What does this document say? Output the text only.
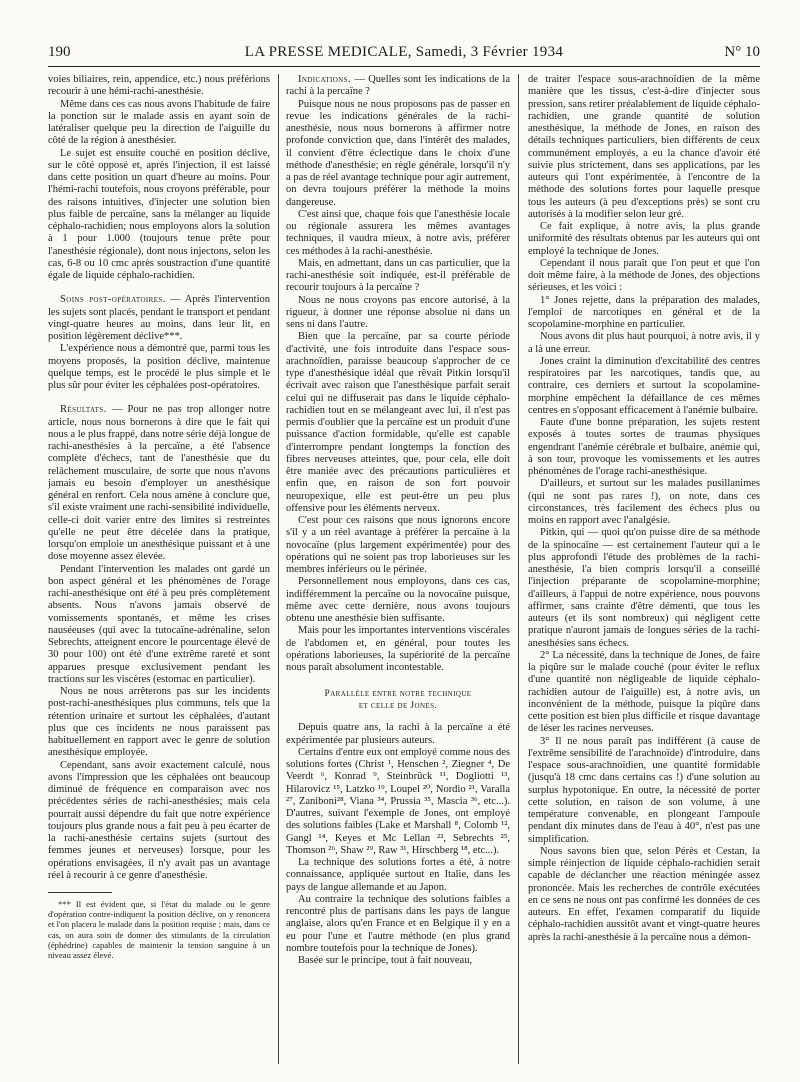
190	LA PRESSE MEDICALE, Samedi, 3 Février 1934	N° 10

voies biliaires, rein, appendice, etc.) nous préférions recourir à une hémi-rachi-anesthésie.

Même dans ces cas nous avons l'habitude de faire la ponction sur le malade assis en ayant soin de latéraliser quelque peu la direction de l'aiguille du côté de la région à anesthésier.

Le sujet est ensuite couché en position déclive, sur le côté opposé et, après l'injection, il est laissé dans cette position un quart d'heure au moins. Pour l'hémi-rachi toutefois, nous croyons préférable, pour des raisons intuitives, d'injecter une solution bien plus faible de percaïne, sans la mélanger au liquide céphalo-rachidien; nous employons alors la solution à 1 pour 1.000 (toujours tenue prête pour l'anesthésie régionale), dont nous injectons, selon les cas, 6-8 ou 10 cmc après soustraction d'une quantité égale de liquide céphalo-rachidien.

Soins post-opératoires. — Après l'intervention les sujets sont placés, pendant le transport et pendant vingt-quatre heures au moins, dans leur lit, en position légèrement déclive***.

L'expérience nous a démontré que, parmi tous les moyens proposés, la position déclive, maintenue quelque temps, est le procédé le plus simple et le plus sûr pour éviter les céphalées post-opératoires.

Résultats. — Pour ne pas trop allonger notre article, nous nous bornerons à dire que le fait qui nous a le plus frappé, dans notre série déjà longue de rachi-anesthésies à la percaïne, a été l'absence complète d'échecs, tant de l'anesthésie que du relâchement musculaire, de sorte que nous n'avons jamais eu besoin d'employer un anesthésique général en renfort. Cela nous amène à conclure que, s'il existe vraiment une rachi-sensibilité individuelle, celle-ci doit varier entre des limites si restreintes qu'elle ne peut être décelée dans la pratique, lorsqu'on emploie un anesthésique puissant et à une dose moyenne assez élevée.

Pendant l'intervention les malades ont gardé un bon aspect général et les phénomènes de l'orage rachi-anesthésique ont été à peu près complètement absents. Nous n'avons jamais observé de vomissements spontanés, et même les crises nauséeuses (qui avec la tutocaïne-adrénaline, selon Sebrechts, atteignent encore le pourcentage élevé de 30 pour 100) ont été d'une extrême rareté et sont apparues presque exclusivement pendant les tractions sur les viscères (estomac en particulier).

Nous ne nous arrêterons pas sur les incidents post-rachi-anesthésiques plus communs, tels que la rétention urinaire et surtout les céphalées, d'autant plus que ces incidents ne nous paraissent pas habituellement en rapport avec le genre de solution anesthésique employée.

Cependant, sans avoir exactement calculé, nous avons l'impression que les céphalées ont beaucoup diminué de fréquence en comparaison avec nos précédentes séries de rachi-anesthésies; mais cela pourrait aussi dépendre du fait que notre expérience toujours plus grande nous a fait peu à peu écarter de la rachi-anesthésie certains sujets (surtout des femmes jeunes et nerveuses) lorsque, pour les opérations envisagées, il n'y avait pas un avantage réel à recourir à ce genre d'anesthésie.

*** Il est évident que, si l'état du malade ou le genre d'opération contre-indiquent la position déclive, on y renoncera et l'on placera le malade dans la position requise ; mais, dans ce cas, on aura soin de donner des stimulants de la circulation (éphédrine) capables de maintenir la tension sanguine à un niveau assez élevé.

Indications. — Quelles sont les indications de la rachi à la percaïne ?

Puisque nous ne nous proposons pas de passer en revue les indications générales de la rachi-anesthésie, nous nous bornerons à affirmer notre profonde conviction que, dans l'intérêt des malades, il convient d'être éclectique dans le choix d'une méthode d'anesthésie; en règle générale, lorsqu'il n'y a pas de réel avantage technique pour agir autrement, on devra toujours préférer la méthode la moins dangereuse.

C'est ainsi que, chaque fois que l'anesthésie locale ou régionale assurera les mêmes avantages techniques, il vaudra mieux, à notre avis, préférer ces méthodes à la rachi-anesthésie.

Mais, en admettant, dans un cas particulier, que la rachi-anesthésie soit indiquée, est-il préférable de recourir toujours à la percaïne ?

Nous ne nous croyons pas encore autorisé, à la rigueur, à donner une réponse absolue ni dans un sens ni dans l'autre.

Bien que la percaïne, par sa courte période d'activité, une fois introduite dans l'espace sous-arachnoïdien, paraisse beaucoup s'approcher de ce type d'anesthésique idéal que rêvait Pitkin lorsqu'il écrivait avec raison que l'anesthésique parfait serait celui qui ne diffuserait pas dans le liquide céphalo-rachidien tout en se mélangeant avec lui, il n'est pas permis d'oublier que la percaïne est un produit d'une puissance d'action formidable, qu'elle est capable d'interrompre pendant longtemps la fonction des fibres nerveuses atteintes, que, pour cela, elle doit être maniée avec des précautions particulières et enfin que, en raison de son fort pouvoir neuropexique, elle est peut-être un peu plus offensive pour les éléments nerveux.

C'est pour ces raisons que nous ignorons encore s'il y a un réel avantage à préférer la percaïne à la novocaïne (plus largement expérimentée) pour des opérations qui ne soient pas trop laborieuses sur les membres inférieurs ou le périnée.

Personnellement nous employons, dans ces cas, indifféremment la percaïne ou la novocaïne puisque, même avec cette dernière, nous avons toujours obtenu une anesthésie bien suffisante.

Mais pour les importantes interventions viscérales de l'abdomen et, en général, pour toutes les opérations laborieuses, la supériorité de la percaïne nous paraît absolument incontestable.

Parallèle entre notre technique
et celle de Jones.

Depuis quatre ans, la rachi à la percaïne a été expérimentée par plusieurs auteurs.

Certains d'entre eux ont employé comme nous des solutions fortes (Christ ¹, Henschen ², Ziegner ⁴, De Veerdt ⁶, Konrad ⁹, Steinbrück ¹¹, Dogliotti ¹³, Hilarovicz ¹⁵, Latzko ¹⁹, Loupel ²⁰, Nordio ²¹, Varalla ²⁷, Zaniboni²⁸, Viana ³⁴, Prussia ³⁵, Mascia ³⁶, etc...). D'autres, suivant l'exemple de Jones, ont employé des solutions faibles (Lake et Marshall ⁸, Colomb ¹², Gangl ¹⁴, Keyes et Mc Lellan ²², Sebrechts ²⁵, Thomson ²⁶, Shaw ²⁹, Raw ³¹, Hirschberg ¹⁸, etc...).

La technique des solutions fortes a été, à notre connaissance, appliquée surtout en Italie, dans les pays de langue allemande et au Japon.

Au contraire la technique des solutions faibles a rencontré plus de partisans dans les pays de langue anglaise, alors qu'en France et en Belgique il y en a eu pour l'une et l'autre méthode (en plus grand nombre toutefois pour la technique de Jones).

Basée sur le principe, tout à fait nouveau,

de traiter l'espace sous-arachnoïdien de la même manière que les tissus, c'est-à-dire d'injecter sous pression, sans retirer préalablement de liquide céphalo-rachidien, une grande quantité de solution anesthésique, la méthode de Jones, en raison des détails techniques particuliers, bien différents de ceux communément employés, a eu la chance d'avoir été suivie plus strictement, dans ses applications, par les auteurs qui l'ont expérimentée, à l'encontre de la méthode des solutions fortes pour laquelle presque tous les auteurs (à peu d'exceptions près) se sont cru autorisés à la modifier selon leur gré.

Ce fait explique, à notre avis, la plus grande uniformité des résultats obtenus par les auteurs qui ont employé la technique de Jones.

Cependant il nous paraît que l'on peut et que l'on doit même faire, à la méthode de Jones, des objections sérieuses, et les voici :

1° Jones rejette, dans la préparation des malades, l'emploi de narcotiques en général et de la scopolamine-morphine en particulier.

Nous avons dit plus haut pourquoi, à notre avis, il y a là une erreur.

Jones craint la diminution d'excitabilité des centres respiratoires par les narcotiques, tandis que, au contraire, ces derniers et surtout la scopolamine-morphine empêchent la défaillance de ces mêmes centres en s'opposant efficacement à l'anémie bulbaire.

Faute d'une bonne préparation, les sujets restent exposés à toutes sortes de traumas physiques engendrant l'anémie cérébrale et bulbaire, anémie qui, à son tour, provoque les vomissements et les autres phénomènes de l'orage rachi-anesthésique.

D'ailleurs, et surtout sur les malades pusillanimes (qui ne sont pas rares !), on note, dans ces circonstances, très facilement des échecs plus ou moins en rapport avec l'analgésie.

Pitkin, qui — quoi qu'on puisse dire de sa méthode de la spinocaïne — est certainement l'auteur qui a le plus approfondi l'étude des problèmes de la rachi-anesthésie, l'a bien compris lorsqu'il a conseillé l'injection préparante de scopolamine-morphine; d'ailleurs, à l'appui de notre expérience, nous pouvons affirmer, sans crainte d'être démenti, que tous les auteurs (et ils sont nombreux) qui négligent cette pratique n'auront jamais de longues séries de la rachi-anesthésies sans échecs.

2° La nécessité, dans la technique de Jones, de faire la piqûre sur le malade couché (pour éviter le reflux d'une quantité non négligeable de liquide céphalo-rachidien autour de l'aiguille) est, à notre avis, un inconvénient de la méthode, puisque la piqûre dans cette position est bien plus difficile et risque davantage de léser les racines nerveuses.

3° Il ne nous paraît pas indifférent (à cause de l'extrême sensibilité de l'arachnoïde) d'introduire, dans l'espace sous-arachnoïdien, une quantité formidable (jusqu'à 18 cmc dans certains cas !) d'une solution au surplus hypotonique. En outre, la nécessité de porter cette solution, en raison de son volume, à une température convenable, en plongeant l'ampoule pendant dix minutes dans de l'eau à 40°, n'est pas une simplification.

Nous savons bien que, selon Pérès et Cestan, la simple réinjection de liquide céphalo-rachidien serait capable de déclancher une réaction méningée assez prononcée. Mais les recherches de contrôle exécutées en ce sens ne nous ont pas confirmé les données de ces auteurs. En effet, l'examen comparatif du liquide céphalo-rachidien aussitôt avant et vingt-quatre heures après la rachi-anesthésie à la percaïne nous a démon-
